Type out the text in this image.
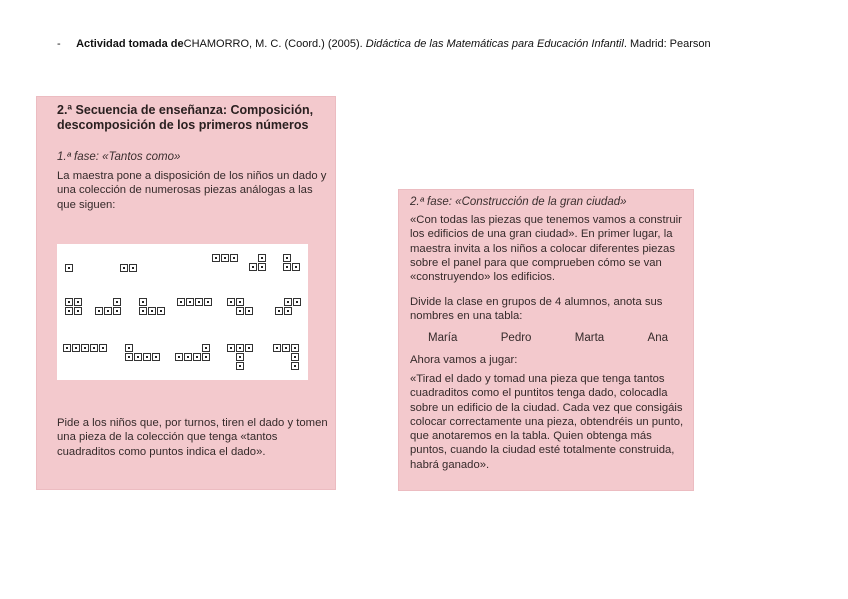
- Actividad tomada deCHAMORRO, M. C. (Coord.) (2005). Didáctica de las Matemáticas para Educación Infantil. Madrid: Pearson
2.ª Secuencia de enseñanza: Composición, descomposición de los primeros números
1.ª fase: «Tantos como»
La maestra pone a disposición de los niños un dado y una colección de numerosas piezas análogas a las que siguen:
Pide a los niños que, por turnos, tiren el dado y tomen una pieza de la colección que tenga «tantos cuadraditos como puntos indica el dado».
2.ª fase: «Construcción de la gran ciudad»
«Con todas las piezas que tenemos vamos a construir los edificios de una gran ciudad». En primer lugar, la maestra invita a los niños a colocar diferentes piezas sobre el panel para que comprueben cómo se van «construyendo» los edificios.
Divide la clase en grupos de 4 alumnos, anota sus nombres en una tabla:
María	Pedro	Marta	Ana
Ahora vamos a jugar:
«Tirad el dado y tomad una pieza que tenga tantos cuadraditos como el puntitos tenga dado, colocadla sobre un edificio de la ciudad. Cada vez que consigáis colocar correctamente una pieza, obtendréis un punto, que anotaremos en la tabla. Quien obtenga más puntos, cuando la ciudad esté totalmente construida, habrá ganado».
